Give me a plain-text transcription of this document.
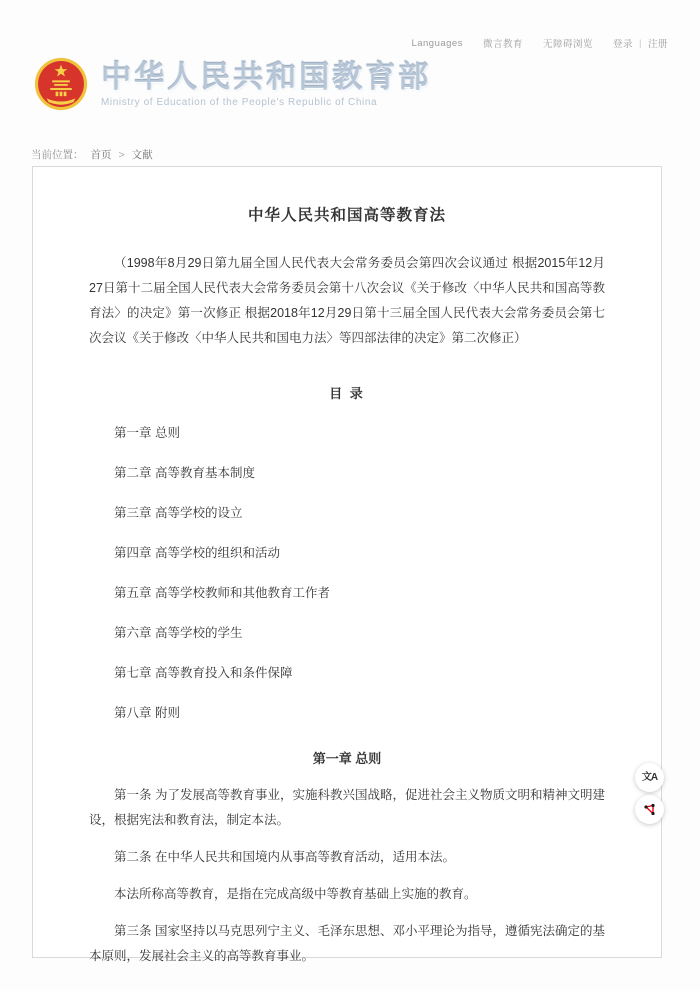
Languages 微言教育 无障碍浏览 登录 | 注册
中华人民共和国教育部
Ministry of Education of the People's Republic of China
当前位置： 首页 > 文献
中华人民共和国高等教育法

（1998年8月29日第九届全国人民代表大会常务委员会第四次会议通过 根据2015年12月27日第十二届全国人民代表大会常务委员会第十八次会议《关于修改〈中华人民共和国高等教育法〉的决定》第一次修正 根据2018年12月29日第十三届全国人民代表大会常务委员会第七次会议《关于修改〈中华人民共和国电力法〉等四部法律的决定》第二次修正）

目 录
第一章 总则
第二章 高等教育基本制度
第三章 高等学校的设立
第四章 高等学校的组织和活动
第五章 高等学校教师和其他教育工作者
第六章 高等学校的学生
第七章 高等教育投入和条件保障
第八章 附则
第一章 总则

第一条 为了发展高等教育事业，实施科教兴国战略，促进社会主义物质文明和精神文明建设，根据宪法和教育法，制定本法。

第二条 在中华人民共和国境内从事高等教育活动，适用本法。

本法所称高等教育，是指在完成高级中等教育基础上实施的教育。

第三条 国家坚持以马克思列宁主义、毛泽东思想、邓小平理论为指导，遵循宪法确定的基本原则，发展社会主义的高等教育事业。

文A
